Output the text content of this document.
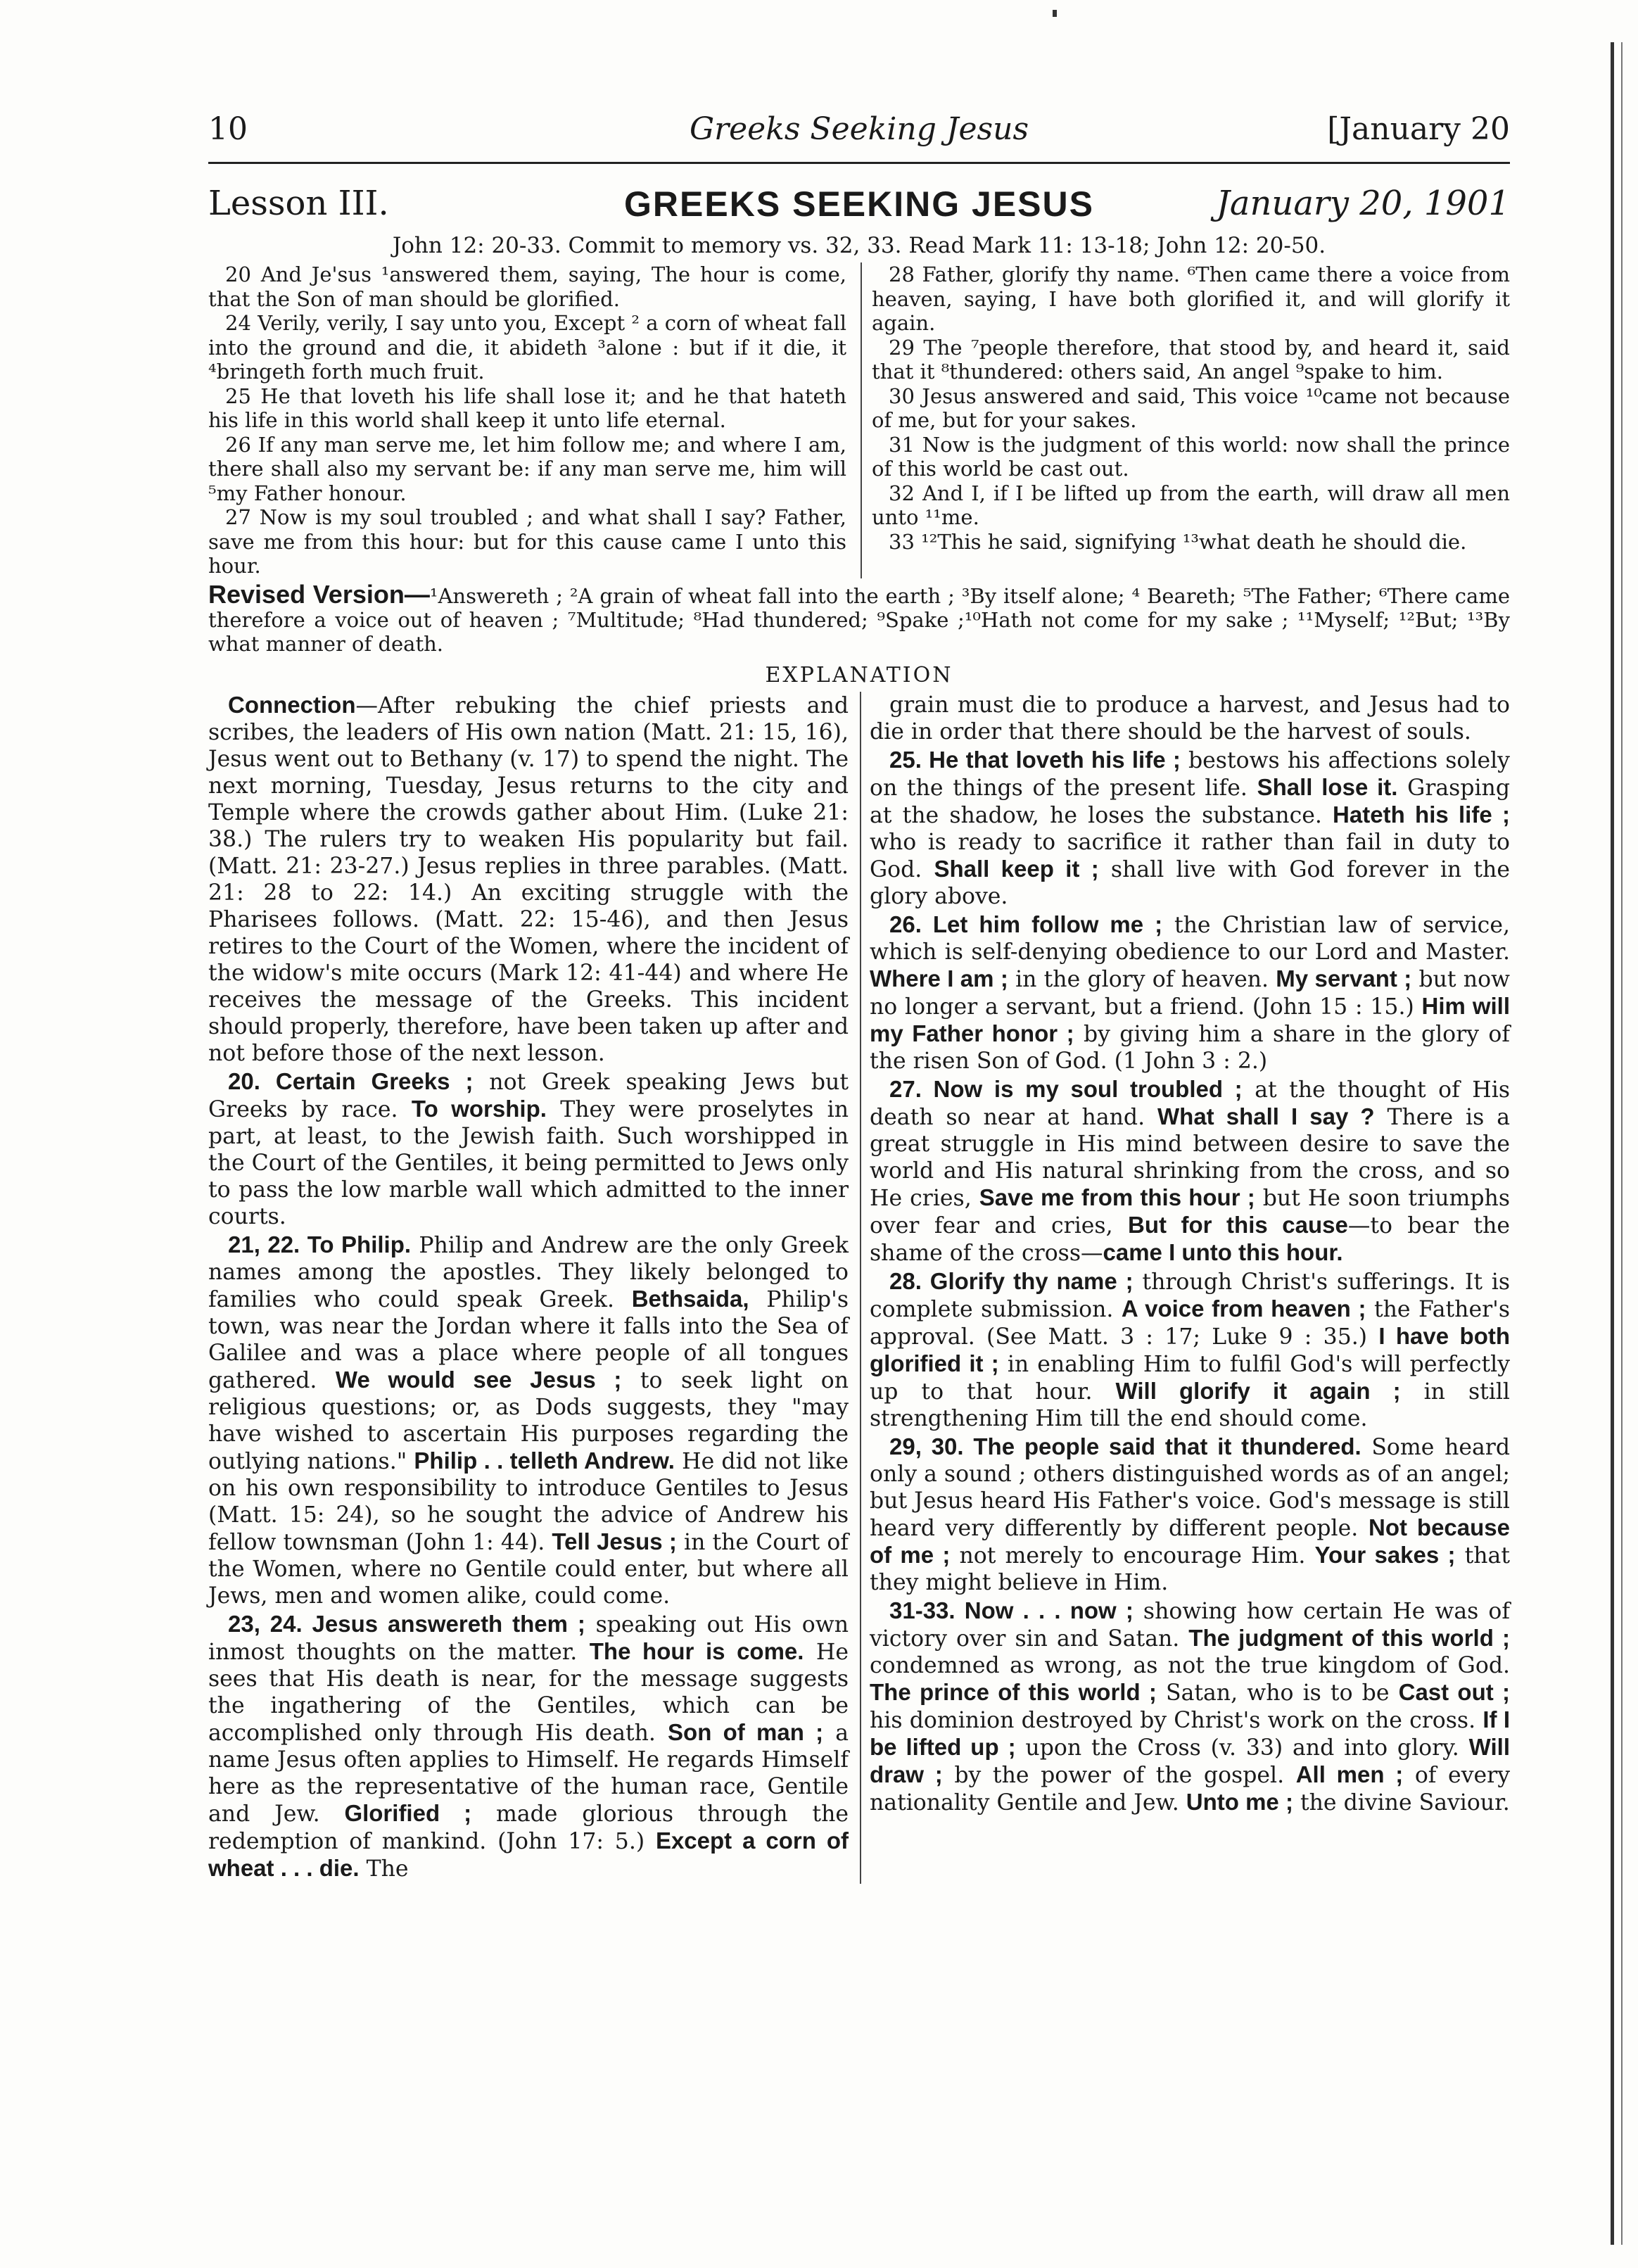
10	Greeks Seeking Jesus	[January 20
Lesson III.	GREEKS SEEKING JESUS	January 20, 1901
John 12: 20-33. Commit to memory vs. 32, 33. Read Mark 11: 13-18; John 12: 20-50.

20 And Je'sus ¹answered them, saying, The hour is come, that the Son of man should be glorified.

24 Verily, verily, I say unto you, Except ² a corn of wheat fall into the ground and die, it abideth ³alone : but if it die, it ⁴bringeth forth much fruit.

25 He that loveth his life shall lose it; and he that hateth his life in this world shall keep it unto life eternal.

26 If any man serve me, let him follow me; and where I am, there shall also my servant be: if any man serve me, him will ⁵my Father honour.

27 Now is my soul troubled ; and what shall I say? Father, save me from this hour: but for this cause came I unto this hour.

28 Father, glorify thy name. ⁶Then came there a voice from heaven, saying, I have both glorified it, and will glorify it again.

29 The ⁷people therefore, that stood by, and heard it, said that it ⁸thundered: others said, An angel ⁹spake to him.

30 Jesus answered and said, This voice ¹⁰came not because of me, but for your sakes.

31 Now is the judgment of this world: now shall the prince of this world be cast out.

32 And I, if I be lifted up from the earth, will draw all men unto ¹¹me.

33 ¹²This he said, signifying ¹³what death he should die.

Revised Version—¹Answereth ; ²A grain of wheat fall into the earth ; ³By itself alone; ⁴ Beareth; ⁵The Father; ⁶There came therefore a voice out of heaven ; ⁷Multitude; ⁸Had thundered; ⁹Spake ;¹⁰Hath not come for my sake ; ¹¹Myself; ¹²But; ¹³By what manner of death.
EXPLANATION

Connection—After rebuking the chief priests and scribes, the leaders of His own nation (Matt. 21: 15, 16), Jesus went out to Bethany (v. 17) to spend the night. The next morning, Tuesday, Jesus returns to the city and Temple where the crowds gather about Him. (Luke 21: 38.) The rulers try to weaken His popularity but fail. (Matt. 21: 23-27.) Jesus replies in three parables. (Matt. 21: 28 to 22: 14.) An exciting struggle with the Pharisees follows. (Matt. 22: 15-46), and then Jesus retires to the Court of the Women, where the incident of the widow's mite occurs (Mark 12: 41-44) and where He receives the message of the Greeks. This incident should properly, therefore, have been taken up after and not before those of the next lesson.

20. Certain Greeks ; not Greek speaking Jews but Greeks by race. To worship. They were proselytes in part, at least, to the Jewish faith. Such worshipped in the Court of the Gentiles, it being permitted to Jews only to pass the low marble wall which admitted to the inner courts.

21, 22. To Philip. Philip and Andrew are the only Greek names among the apostles. They likely belonged to families who could speak Greek. Bethsaida, Philip's town, was near the Jordan where it falls into the Sea of Galilee and was a place where people of all tongues gathered. We would see Jesus ; to seek light on religious questions; or, as Dods suggests, they "may have wished to ascertain His purposes regarding the outlying nations." Philip . . telleth Andrew. He did not like on his own responsibility to introduce Gentiles to Jesus (Matt. 15: 24), so he sought the advice of Andrew his fellow townsman (John 1: 44). Tell Jesus ; in the Court of the Women, where no Gentile could enter, but where all Jews, men and women alike, could come.

23, 24. Jesus answereth them ; speaking out His own inmost thoughts on the matter. The hour is come. He sees that His death is near, for the message suggests the ingathering of the Gentiles, which can be accomplished only through His death. Son of man ; a name Jesus often applies to Himself. He regards Himself here as the representative of the human race, Gentile and Jew. Glorified ; made glorious through the redemption of mankind. (John 17: 5.) Except a corn of wheat . . . die. The

grain must die to produce a harvest, and Jesus had to die in order that there should be the harvest of souls.

25. He that loveth his life ; bestows his affections solely on the things of the present life. Shall lose it. Grasping at the shadow, he loses the substance. Hateth his life ; who is ready to sacrifice it rather than fail in duty to God. Shall keep it ; shall live with God forever in the glory above.

26. Let him follow me ; the Christian law of service, which is self-denying obedience to our Lord and Master. Where I am ; in the glory of heaven. My servant ; but now no longer a servant, but a friend. (John 15 : 15.) Him will my Father honor ; by giving him a share in the glory of the risen Son of God. (1 John 3 : 2.)

27. Now is my soul troubled ; at the thought of His death so near at hand. What shall I say ? There is a great struggle in His mind between desire to save the world and His natural shrinking from the cross, and so He cries, Save me from this hour ; but He soon triumphs over fear and cries, But for this cause—to bear the shame of the cross—came I unto this hour.

28. Glorify thy name ; through Christ's sufferings. It is complete submission. A voice from heaven ; the Father's approval. (See Matt. 3 : 17; Luke 9 : 35.) I have both glorified it ; in enabling Him to fulfil God's will perfectly up to that hour. Will glorify it again ; in still strengthening Him till the end should come.

29, 30. The people said that it thundered. Some heard only a sound ; others distinguished words as of an angel; but Jesus heard His Father's voice. God's message is still heard very differently by different people. Not because of me ; not merely to encourage Him. Your sakes ; that they might believe in Him.

31-33. Now . . . now ; showing how certain He was of victory over sin and Satan. The judgment of this world ; condemned as wrong, as not the true kingdom of God. The prince of this world ; Satan, who is to be Cast out ; his dominion destroyed by Christ's work on the cross. If I be lifted up ; upon the Cross (v. 33) and into glory. Will draw ; by the power of the gospel. All men ; of every nationality Gentile and Jew. Unto me ; the divine Saviour.
